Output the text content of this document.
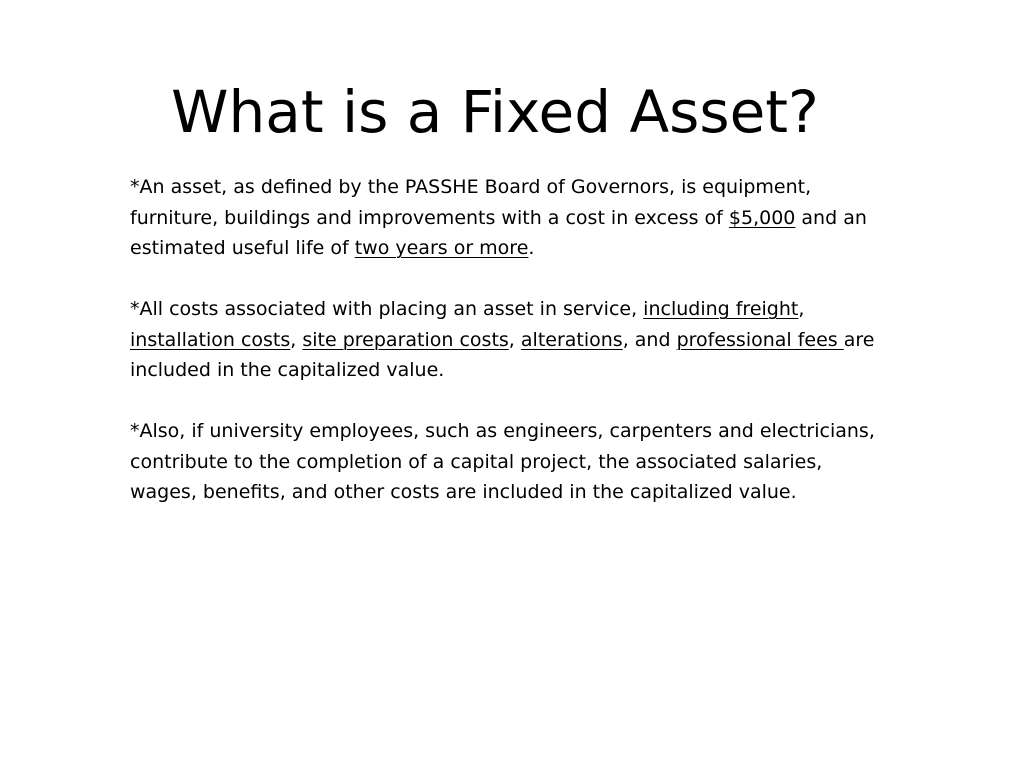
What is a Fixed Asset?

*An asset, as defined by the PASSHE Board of Governors, is equipment, furniture, buildings and improvements with a cost in excess of $5,000 and an estimated useful life of two years or more.

*All costs associated with placing an asset in service, including freight, installation costs, site preparation costs, alterations, and professional fees are included in the capitalized value.

*Also, if university employees, such as engineers, carpenters and electricians, contribute to the completion of a capital project, the associated salaries, wages, benefits, and other costs are included in the capitalized value.
